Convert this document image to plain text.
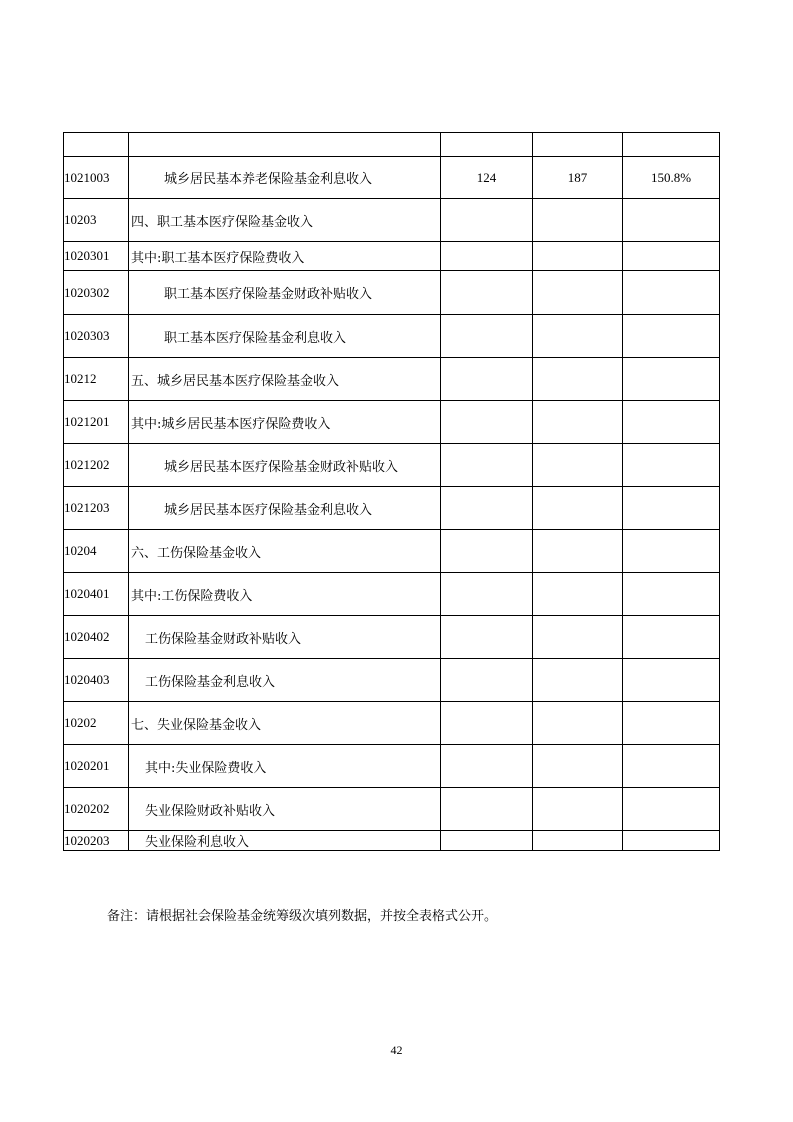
1021003	城乡居民基本养老保险基金利息收入	124	187	150.8%
10203	四、职工基本医疗保险基金收入			
1020301	其中:职工基本医疗保险费收入			
1020302	职工基本医疗保险基金财政补贴收入			
1020303	职工基本医疗保险基金利息收入			
10212	五、城乡居民基本医疗保险基金收入			
1021201	其中:城乡居民基本医疗保险费收入			
1021202	城乡居民基本医疗保险基金财政补贴收入			
1021203	城乡居民基本医疗保险基金利息收入			
10204	六、工伤保险基金收入			
1020401	其中:工伤保险费收入			
1020402	工伤保险基金财政补贴收入			
1020403	工伤保险基金利息收入			
10202	七、失业保险基金收入			
1020201	其中:失业保险费收入			
1020202	失业保险财政补贴收入			
1020203	失业保险利息收入			
备注：请根据社会保险基金统筹级次填列数据，并按全表格式公开。
42
